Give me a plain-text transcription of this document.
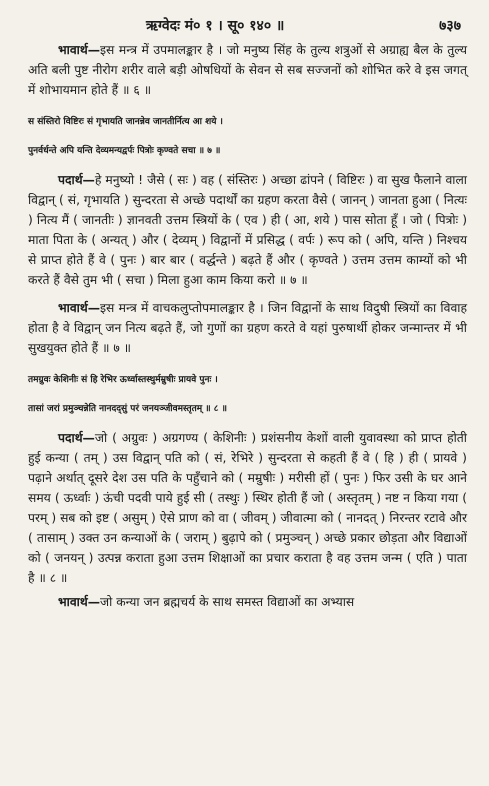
ऋग्वेदः मं० १ । सू० १४० ॥	७३७

भावार्थ—इस मन्त्र में उपमालङ्कार है । जो मनुष्य सिंह के तुल्य शत्रुओं से अग्राह्य बैल के तुल्य अति बली पुष्ट नीरोग शरीर वाले बड़ी ओषधियों के सेवन से सब सज्जनों को शोभित करे वे इस जगत् में शोभायमान होते हैं ॥ ६ ॥

स संस्तिरो विष्टिरः सं गृभायति जानन्नेव जानतीर्नित्य आ शये ।
पुनर्वर्धन्ते अपि यन्ति देव्यमन्यद्वर्पः पित्रोः कृण्वते सचा ॥ ७ ॥

पदार्थ—हे मनुष्यो ! जैसे ( सः ) वह ( संस्तिरः ) अच्छा ढांपने ( विष्टिरः ) वा सुख फैलाने वाला विद्वान् ( सं, गृभायति ) सुन्दरता से अच्छे पदार्थों का ग्रहण करता वैसे ( जानन् ) जानता हुआ ( नित्यः ) नित्य मैं ( जानतीः ) ज्ञानवती उत्तम स्त्रियों के ( एव ) ही ( आ, शये ) पास सोता हूँ । जो ( पित्रोः ) माता पिता के ( अन्यत् ) और ( देव्यम् ) विद्वानों में प्रसिद्ध ( वर्पः ) रूप को ( अपि, यन्ति ) निश्चय से प्राप्त होते हैं वे ( पुनः ) बार बार ( वर्द्धन्ते ) बढ़ते हैं और ( कृण्वते ) उत्तम उत्तम काम्यों को भी करते हैं वैसे तुम भी ( सचा ) मिला हुआ काम किया करो ॥ ७ ॥

भावार्थ—इस मन्त्र में वाचकलुप्तोपमालङ्कार है । जिन विद्वानों के साथ विदुषी स्त्रियों का विवाह होता है वे विद्वान् जन नित्य बढ़ते हैं, जो गुणों का ग्रहण करते वे यहां पुरुषार्थी होकर जन्मान्तर में भी सुखयुक्त होते हैं ॥ ७ ॥

तमग्रुवः केशिनीः सं हि रेभिर ऊर्ध्वास्तस्थुर्मम्रुषीः प्रायवे पुनः ।
तासां जरां प्रमुञ्चन्नेति नानदद्सुं परं जनयञ्जीवमस्तृतम् ॥ ८ ॥

पदार्थ—जो ( अग्रुवः ) अग्रगण्य ( केशिनीः ) प्रशंसनीय केशों वाली युवावस्था को प्राप्त होती हुई कन्या ( तम् ) उस विद्वान् पति को ( सं, रेभिरे ) सुन्दरता से कहती हैं वे ( हि ) ही ( प्रायवे ) पढ़ाने अर्थात् दूसरे देश उस पति के पहुँचाने को ( मम्रुषीः ) मरीसी हों ( पुनः ) फिर उसी के घर आने समय ( ऊर्ध्वाः ) ऊंची पदवी पाये हुई सी ( तस्थुः ) स्थिर होती हैं जो ( अस्तृतम् ) नष्ट न किया गया ( परम् ) सब को इष्ट ( असुम् ) ऐसे प्राण को वा ( जीवम् ) जीवात्मा को ( नानदत् ) निरन्तर रटावे और ( तासाम् ) उक्त उन कन्याओं के ( जराम् ) बुढ़ापे को ( प्रमुञ्चन् ) अच्छे प्रकार छोड़ता और विद्याओं को ( जनयन् ) उत्पन्न कराता हुआ उत्तम शिक्षाओं का प्रचार कराता है वह उत्तम जन्म ( एति ) पाता है ॥ ८ ॥

भावार्थ—जो कन्या जन ब्रह्मचर्य के साथ समस्त विद्याओं का अभ्यास
